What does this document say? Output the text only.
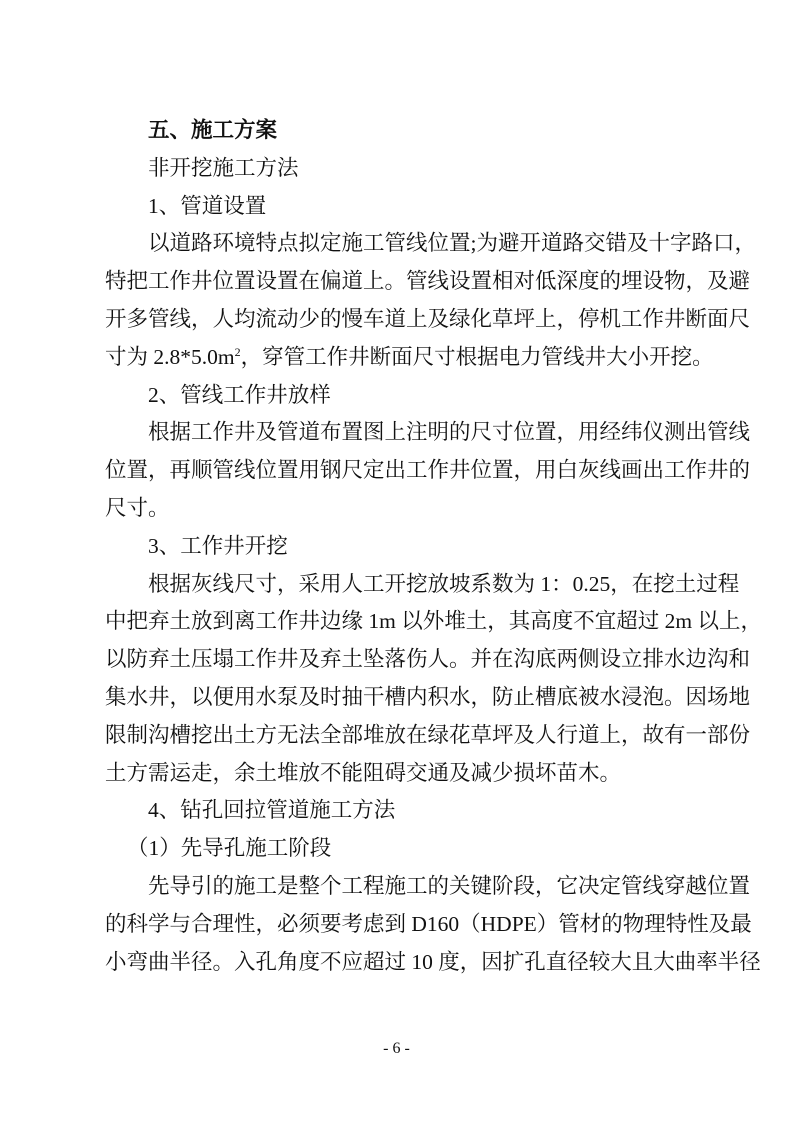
五、施工方案
非开挖施工方法
1、管道设置
以道路环境特点拟定施工管线位置;为避开道路交错及十字路口，
特把工作井位置设置在偏道上。管线设置相对低深度的埋设物，及避
开多管线，人均流动少的慢车道上及绿化草坪上，停机工作井断面尺
寸为 $2.8*5.0m^2$，穿管工作井断面尺寸根据电力管线井大小开挖。
2、管线工作井放样
根据工作井及管道布置图上注明的尺寸位置，用经纬仪测出管线
位置，再顺管线位置用钢尺定出工作井位置，用白灰线画出工作井的
尺寸。
3、工作井开挖
根据灰线尺寸，采用人工开挖放坡系数为 1：0.25，在挖土过程
中把弃土放到离工作井边缘 1m 以外堆土，其高度不宜超过 2m 以上，
以防弃土压塌工作井及弃土坠落伤人。并在沟底两侧设立排水边沟和
集水井，以便用水泵及时抽干槽内积水，防止槽底被水浸泡。因场地
限制沟槽挖出土方无法全部堆放在绿花草坪及人行道上，故有一部份
土方需运走，余土堆放不能阻碍交通及减少损坏苗木。
4、钻孔回拉管道施工方法
（1）先导孔施工阶段
先导引的施工是整个工程施工的关键阶段，它决定管线穿越位置
的科学与合理性，必须要考虑到 D160（HDPE）管材的物理特性及最
小弯曲半径。入孔角度不应超过 10 度，因扩孔直径较大且大曲率半径
- 6 -
